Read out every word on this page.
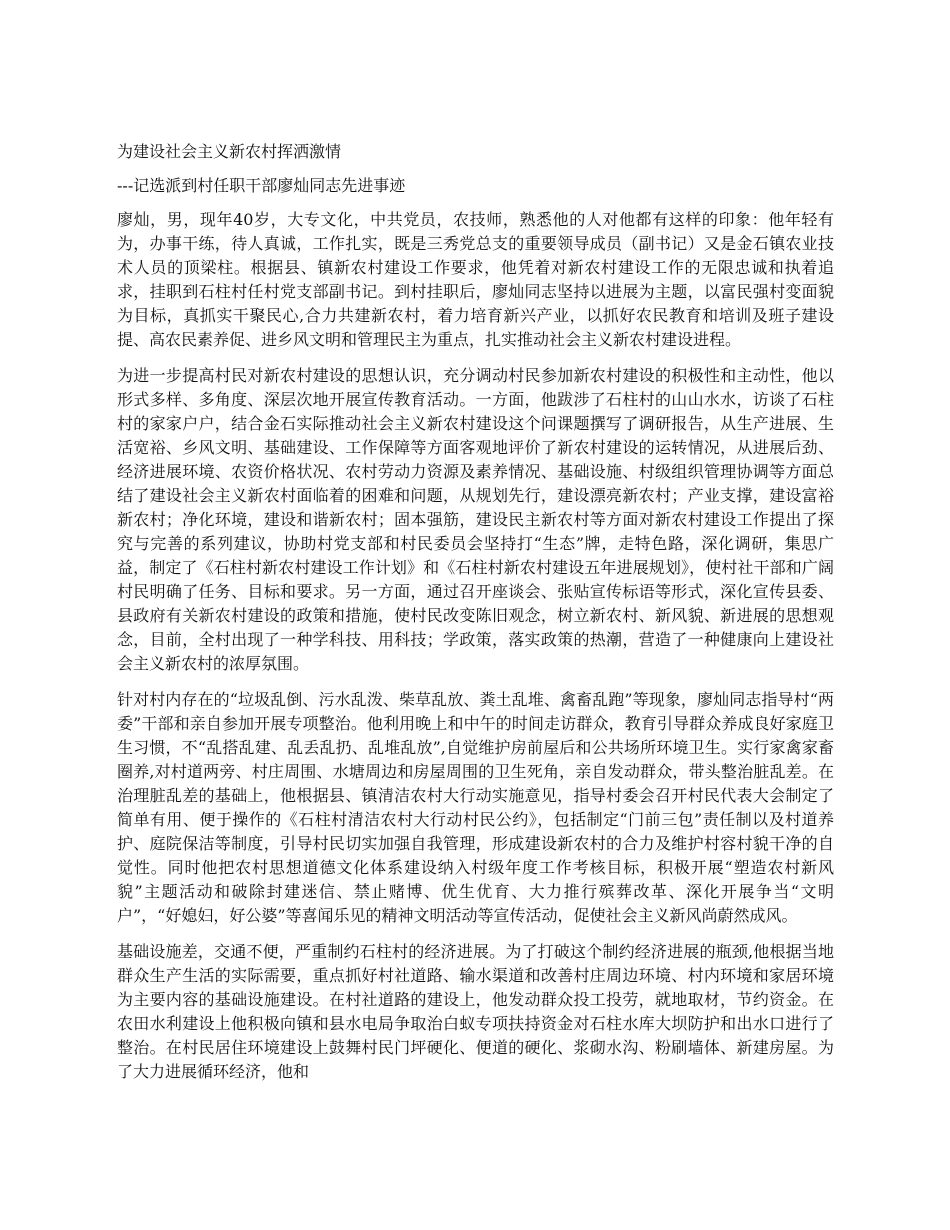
为建设社会主义新农村挥洒激情
---记选派到村任职干部廖灿同志先进事迹

廖灿，男，现年40岁，大专文化，中共党员，农技师，熟悉他的人对他都有这样的印象：他年轻有为，办事干练，待人真诚，工作扎实，既是三秀党总支的重要领导成员（副书记）又是金石镇农业技术人员的顶梁柱。根据县、镇新农村建设工作要求，他凭着对新农村建设工作的无限忠诚和执着追求，挂职到石柱村任村党支部副书记。到村挂职后，廖灿同志坚持以进展为主题，以富民强村变面貌为目标，真抓实干聚民心,合力共建新农村，着力培育新兴产业，以抓好农民教育和培训及班子建设提、高农民素养促、进乡风文明和管理民主为重点，扎实推动社会主义新农村建设进程。

为进一步提高村民对新农村建设的思想认识，充分调动村民参加新农村建设的积极性和主动性，他以形式多样、多角度、深层次地开展宣传教育活动。一方面，他跋涉了石柱村的山山水水，访谈了石柱村的家家户户，结合金石实际推动社会主义新农村建设这个问课题撰写了调研报告，从生产进展、生活宽裕、乡风文明、基础建设、工作保障等方面客观地评价了新农村建设的运转情况，从进展后劲、经济进展环境、农资价格状况、农村劳动力资源及素养情况、基础设施、村级组织管理协调等方面总结了建设社会主义新农村面临着的困难和问题，从规划先行，建设漂亮新农村；产业支撑，建设富裕新农村；净化环境，建设和谐新农村；固本强筋，建设民主新农村等方面对新农村建设工作提出了探究与完善的系列建议，协助村党支部和村民委员会坚持打“生态”牌，走特色路，深化调研，集思广益，制定了《石柱村新农村建设工作计划》和《石柱村新农村建设五年进展规划》，使村社干部和广阔村民明确了任务、目标和要求。另一方面，通过召开座谈会、张贴宣传标语等形式，深化宣传县委、县政府有关新农村建设的政策和措施，使村民改变陈旧观念，树立新农村、新风貌、新进展的思想观念，目前，全村出现了一种学科技、用科技；学政策，落实政策的热潮，营造了一种健康向上建设社会主义新农村的浓厚氛围。

针对村内存在的“垃圾乱倒、污水乱泼、柴草乱放、粪土乱堆、禽畜乱跑”等现象，廖灿同志指导村“两委”干部和亲自参加开展专项整治。他利用晚上和中午的时间走访群众，教育引导群众养成良好家庭卫生习惯，不“乱搭乱建、乱丢乱扔、乱堆乱放”,自觉维护房前屋后和公共场所环境卫生。实行家禽家畜圈养,对村道两旁、村庄周围、水塘周边和房屋周围的卫生死角，亲自发动群众，带头整治脏乱差。在治理脏乱差的基础上，他根据县、镇清洁农村大行动实施意见，指导村委会召开村民代表大会制定了简单有用、便于操作的《石柱村清洁农村大行动村民公约》，包括制定“门前三包”责任制以及村道养护、庭院保洁等制度，引导村民切实加强自我管理，形成建设新农村的合力及维护村容村貌干净的自觉性。同时他把农村思想道德文化体系建设纳入村级年度工作考核目标，积极开展“塑造农村新风貌”主题活动和破除封建迷信、禁止赌博、优生优育、大力推行殡葬改革、深化开展争当“文明户”，“好媳妇，好公婆”等喜闻乐见的精神文明活动等宣传活动，促使社会主义新风尚蔚然成风。

基础设施差，交通不便，严重制约石柱村的经济进展。为了打破这个制约经济进展的瓶颈,他根据当地群众生产生活的实际需要，重点抓好村社道路、输水渠道和改善村庄周边环境、村内环境和家居环境为主要内容的基础设施建设。在村社道路的建设上，他发动群众投工投劳，就地取材，节约资金。在农田水利建设上他积极向镇和县水电局争取治白蚁专项扶持资金对石柱水库大坝防护和出水口进行了整治。在村民居住环境建设上鼓舞村民门坪硬化、便道的硬化、浆砌水沟、粉刷墙体、新建房屋。为了大力进展循环经济，他和
